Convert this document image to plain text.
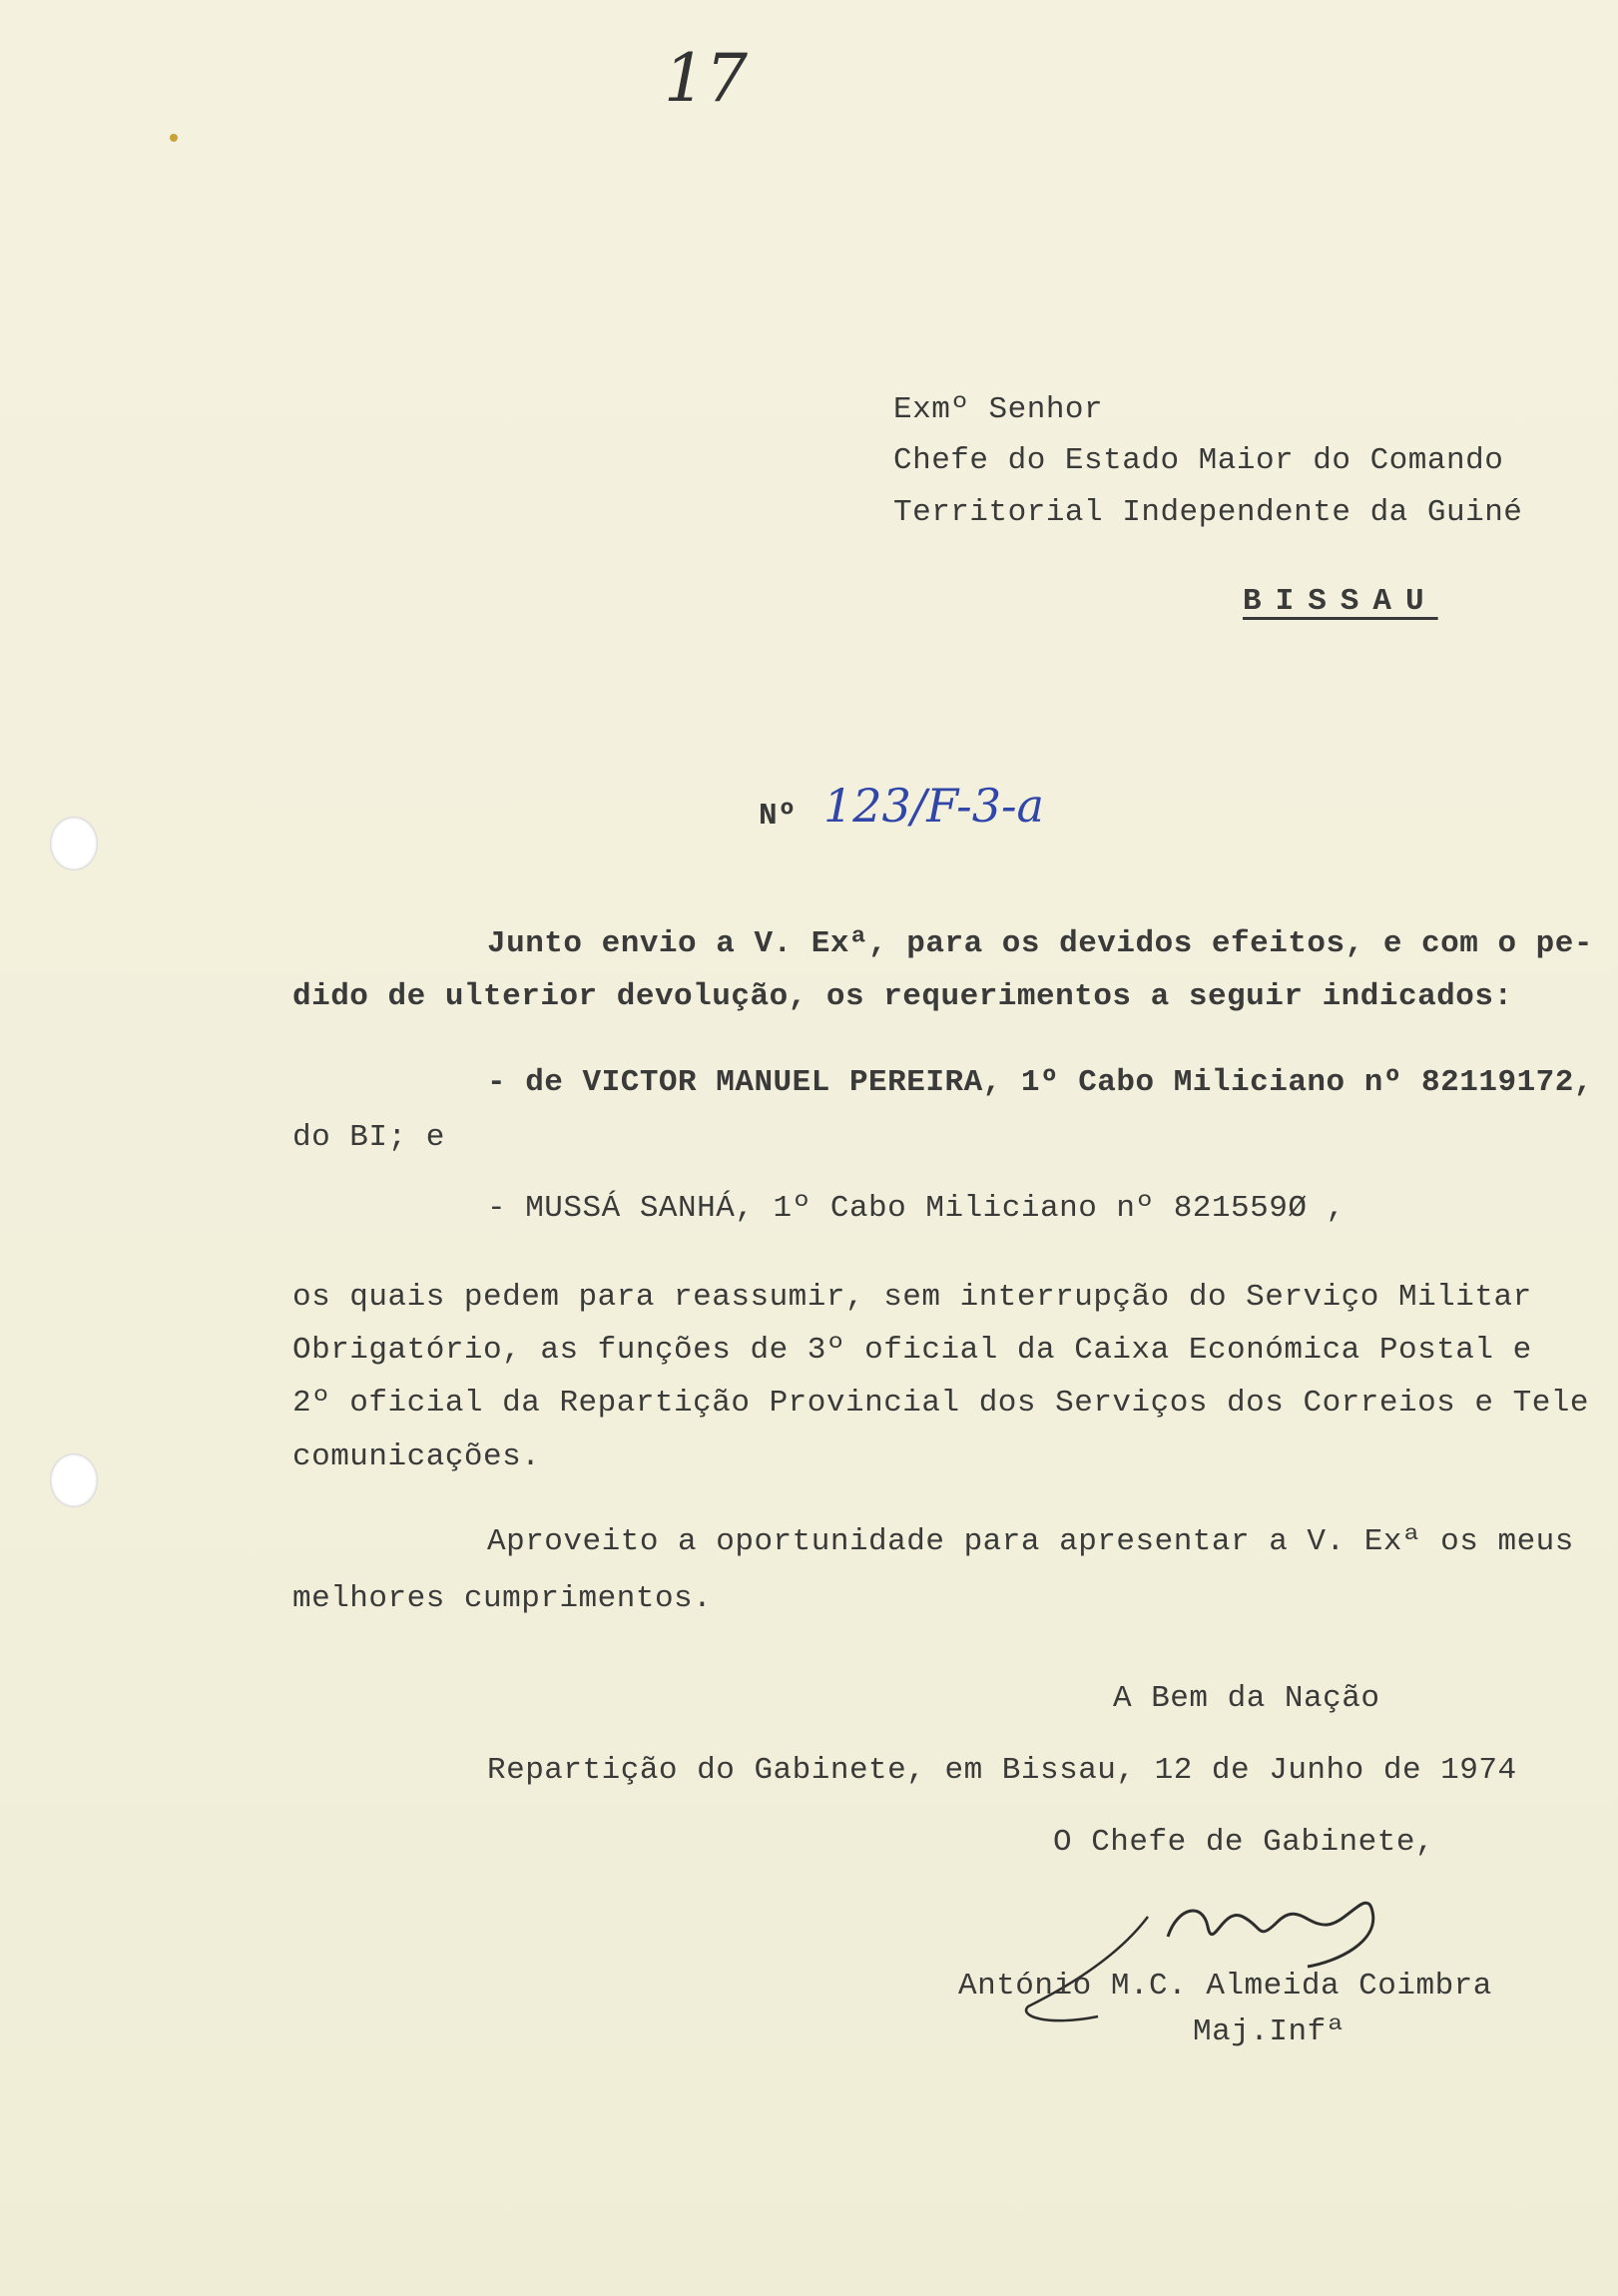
17
Exmº Senhor
Chefe do Estado Maior do Comando
Territorial Independente da Guiné
BISSAU
Nº 123/F-3-a
Junto envio a V. Exª, para os devidos efeitos, e com o pe-
dido de ulterior devolução, os requerimentos a seguir indicados:
- de VICTOR MANUEL PEREIRA, 1º Cabo Miliciano nº 82119172,
do BI; e
- MUSSÁ SANHÁ, 1º Cabo Miliciano nº 821559Ø ,
os quais pedem para reassumir, sem interrupção do Serviço Militar
Obrigatório, as funções de 3º oficial da Caixa Económica Postal e
2º oficial da Repartição Provincial dos Serviços dos Correios e Tele
comunicações.
Aproveito a oportunidade para apresentar a V. Exª os meus
melhores cumprimentos.
A Bem da Nação
Repartição do Gabinete, em Bissau, 12 de Junho de 1974
O Chefe de Gabinete,
António M.C. Almeida Coimbra
Maj.Infª
